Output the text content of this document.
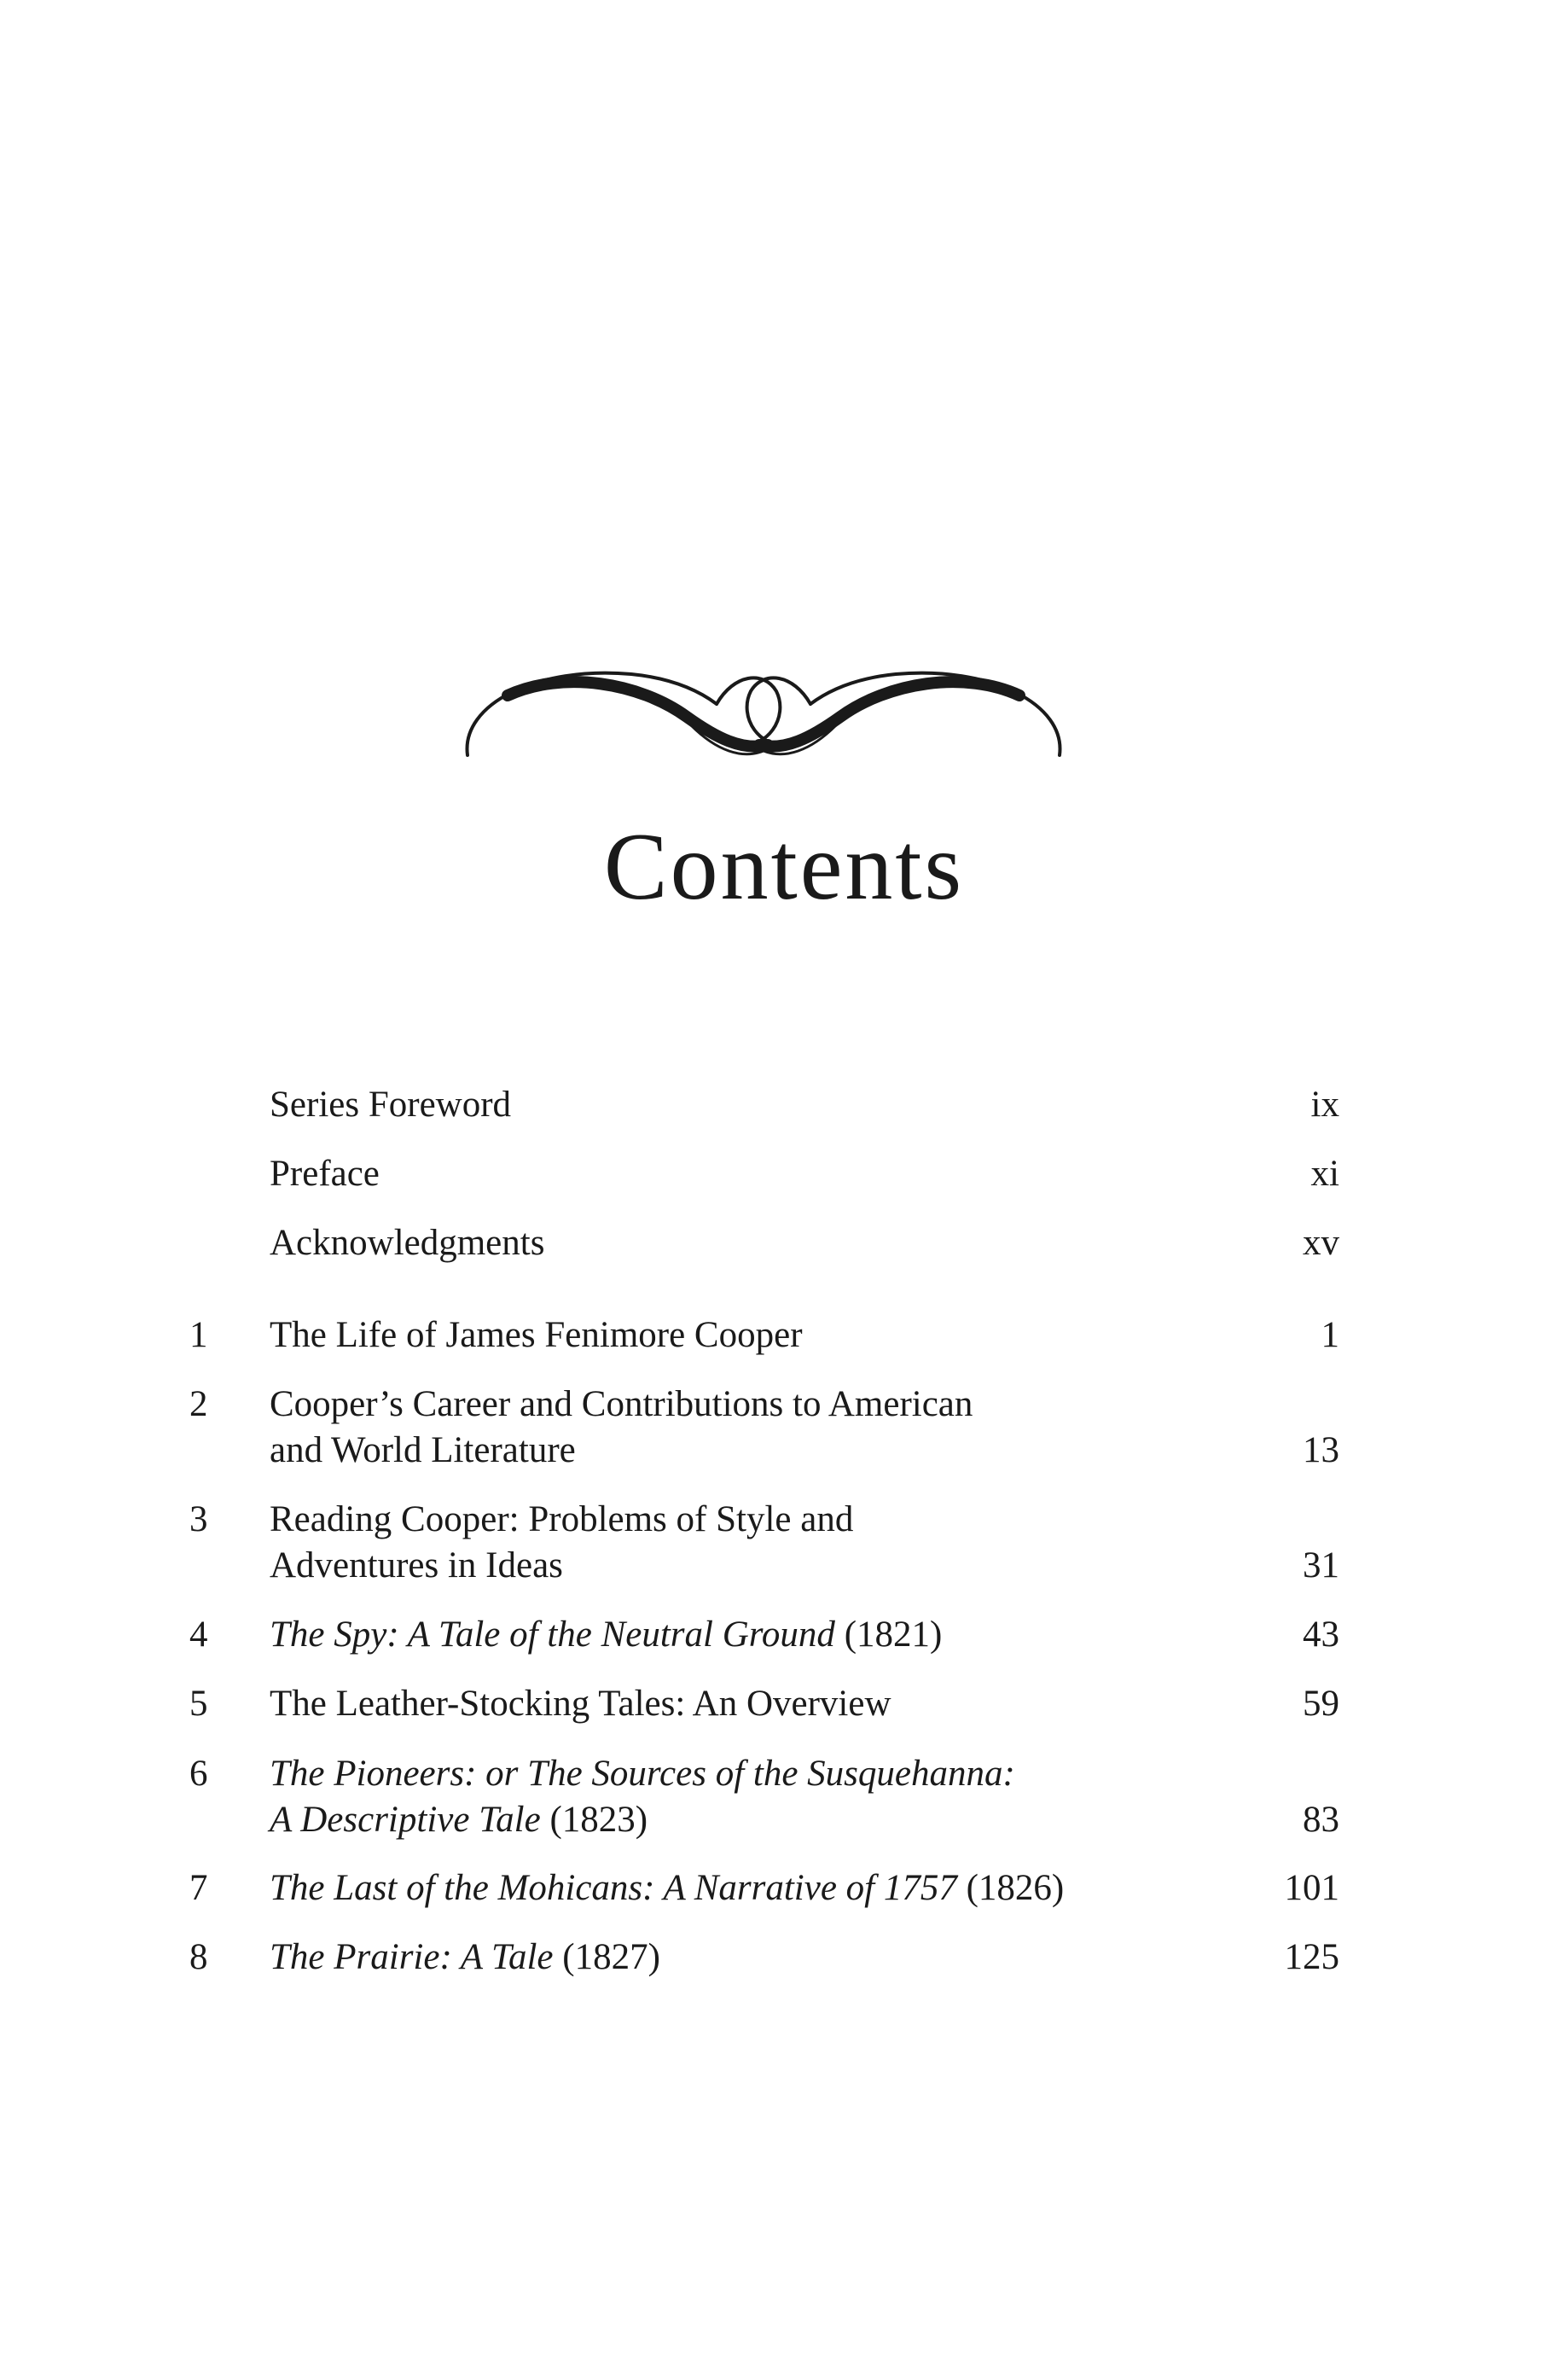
Contents
Series Foreword	ix
Preface	xi
Acknowledgments	xv
1 The Life of James Fenimore Cooper	1
2 Cooper’s Career and Contributions to American
and World Literature	13
3 Reading Cooper: Problems of Style and
Adventures in Ideas	31
4 The Spy: A Tale of the Neutral Ground (1821)	43
5 The Leather-Stocking Tales: An Overview	59
6 The Pioneers: or The Sources of the Susquehanna:
A Descriptive Tale (1823)	83
7 The Last of the Mohicans: A Narrative of 1757 (1826)	101
8 The Prairie: A Tale (1827)	125
